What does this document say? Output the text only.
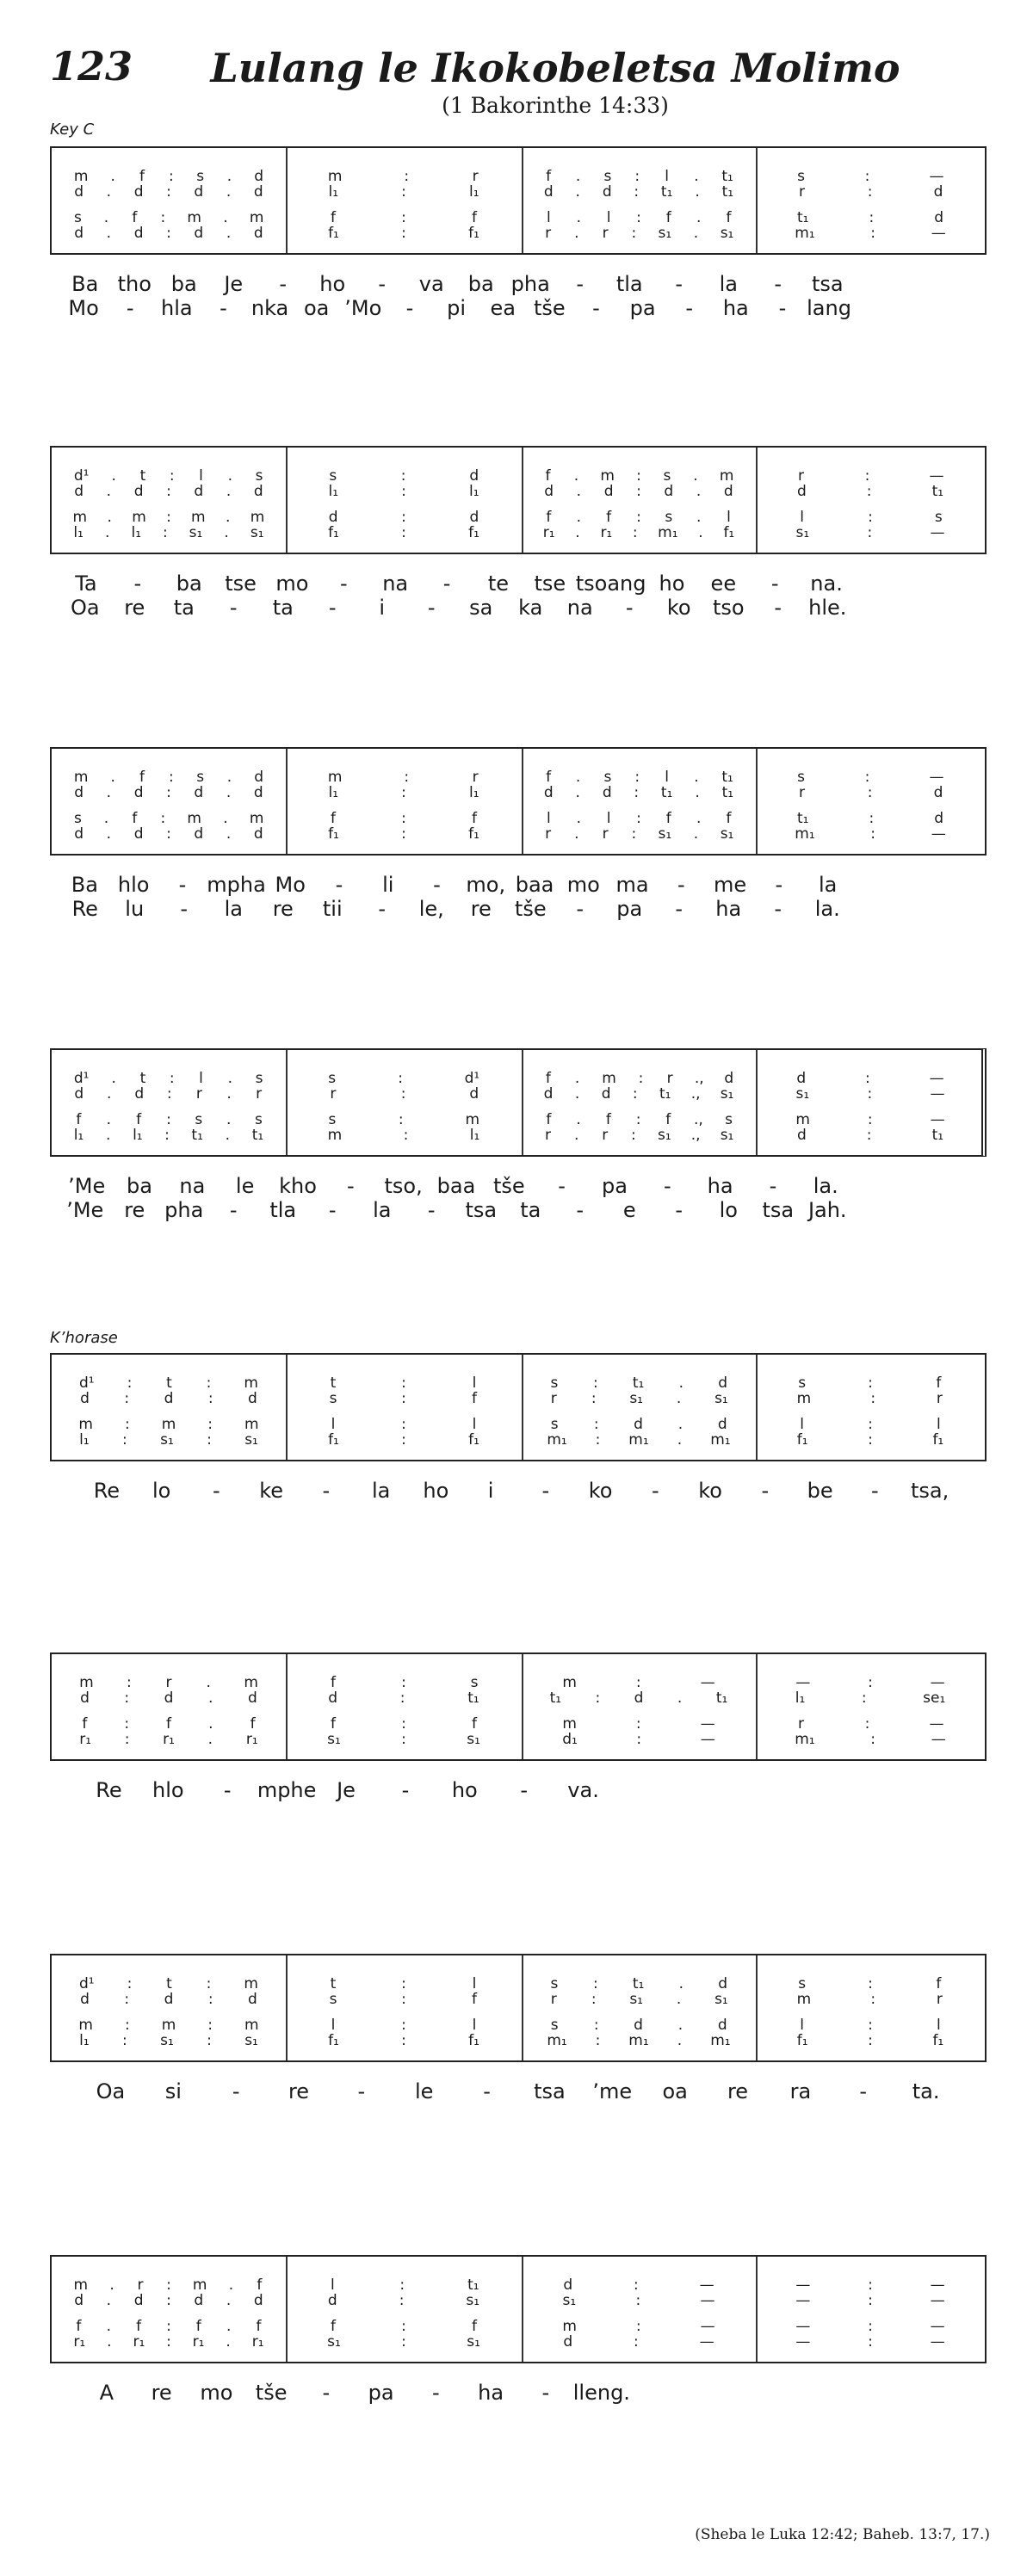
123	Lulang le Ikokobeletsa Molimo
(1 Bakorinthe 14:33)
Key C
K’horase
m . f : s . d
d . d : d . d
s . f : m . m
d . d : d . d
m	:	r
l₁	:	l₁
f	:	f
f₁	:	f₁
f . s : l . t₁
d . d : t₁ . t₁
l . l : f . f
r . r : s₁ . s₁
s	:	—
r	:	d
t₁	:	d
m₁	:	—
Ba tho ba	Je	-	ho	-	va	ba pha	-	tla	-	la	-	tsa
Mo	-	hla	-	nka oa ’Mo	-	pi	ea tše	-	pa	-	ha	- lang
d¹ . t : l . s
d . d : d . d
m . m : m . m
l₁ . l₁ : s₁ . s₁
s	:	d
l₁	:	l₁
d	:	d
f₁	:	f₁
f . m : s . m
d . d : d . d
f . f : s . l
r₁ . r₁ : m₁ . f₁
r	:	—
d	:	t₁
l	:	s
s₁	:	—
Ta	-	ba	tse mo	-	na	-	te	tse tsoang ho	ee	-	na.
Oa	re	ta	-	ta	-	i	-	sa	ka	na	-	ko	tso	-	hle.
m . f : s . d
d . d : d . d
s . f : m . m
d . d : d . d
m	:	r
l₁	:	l₁
f	:	f
f₁	:	f₁
f . s : l . t₁
d . d : t₁ . t₁
l . l : f . f
r . r : s₁ . s₁
s	:	—
r	:	d
t₁	:	d
m₁	:	—
Ba hlo	-	mpha Mo	-	li	-	mo, baa mo ma	-	me	-	la
Re	lu	-	la	re	tii	-	le,	re	tše	-	pa	-	ha	-	la.
d¹ . t : l . s
d . d : r . r
f . f : s . s
l₁ . l₁ : t₁ . t₁
s	:	d¹
r	:	d
s	:	m
m	:	l₁
f . m : r ., d
d . d : t₁ ., s₁
f . f : f ., s
r . r : s₁ ., s₁
d	:	—
s₁	:	—
m	:	—
d	:	t₁
’Me	ba	na	le	kho	-	tso, baa tše	-	pa	-	ha	-	la.
’Me re pha	-	tla	-	la	-	tsa	ta	-	e	-	lo	tsa Jah.
d¹ : t : m
d : d : d
m : m : m
l₁ : s₁ : s₁
t	:	l
s	:	f
l	:	l
f₁	:	f₁
s : t₁ . d
r : s₁ . s₁
s : d . d
m₁ : m₁ . m₁
s	:	f
m	:	r
l	:	l
f₁	:	f₁
Re	lo	-	ke	-	la	ho	i	-	ko	-	ko	-	be	-	tsa,
m : r . m
d : d . d
f	:	f	.	f
r₁ : r₁ . r₁
f	:	s
d	:	t₁
f	:	f
s₁	:	s₁
m	:	—
t₁ : d . t₁
m	:	—
d₁	:	—
—	:	—
l₁	:	se₁
r	:	—
m₁	:	—
Re	hlo	-	mphe Je	-	ho	-	va.
d¹ : t : m
d : d : d
m : m : m
l₁ : s₁ : s₁
t	:	l
s	:	f
l	:	l
f₁	:	f₁
s : t₁ . d
r : s₁ . s₁
s : d . d
m₁ : m₁ . m₁
s	:	f
m	:	r
l	:	l
f₁	:	f₁
Oa	si	-	re	-	le	-	tsa	’me	oa	re	ra	-	ta.
m . r : m . f
d . d : d . d
f . f : f . f
r₁ . r₁ : r₁ . r₁
l	:	t₁
d	:	s₁
f	:	f
s₁	:	s₁
d	:	—
s₁	:	—
m	:	—
d	:	—
—	:	—
—	:	—
—	:	—
—	:	—
A	re	mo	tše	-	pa	-	ha	-	lleng.
(Sheba le Luka 12:42; Baheb. 13:7, 17.)
